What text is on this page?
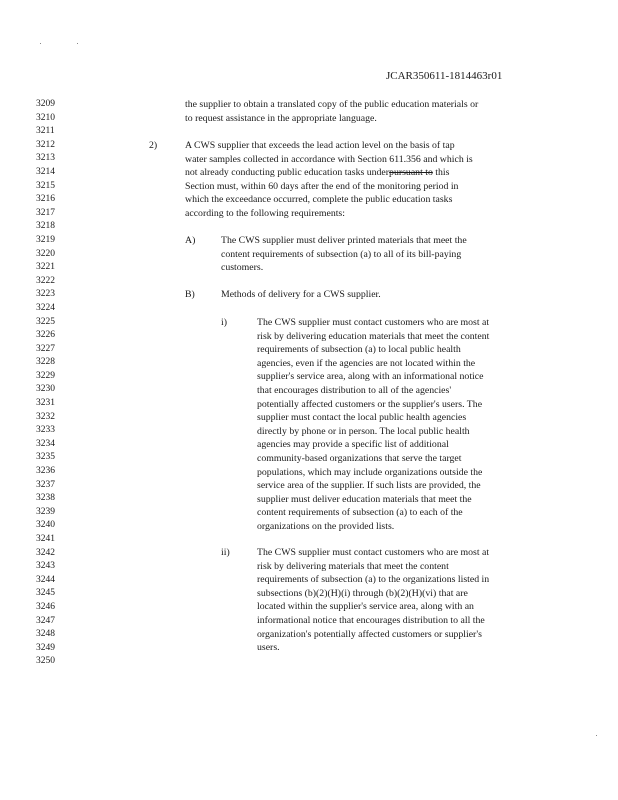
JCAR350611-1814463r01
3209
3210
3211
3212
3213
3214
3215
3216
3217
3218
3219
3220
3221
3222
3223
3224
3225
3226
3227
3228
3229
3230
3231
3232
3233
3234
3235
3236
3237
3238
3239
3240
3241
3242
3243
3244
3245
3246
3247
3248
3249
3250

the supplier to obtain a translated copy of the public education materials or

to request assistance in the appropriate language.

2)	A CWS supplier that exceeds the lead action level on the basis of tap

water samples collected in accordance with Section 611.356 and which is

not already conducting public education tasks underpursuant to this

Section must, within 60 days after the end of the monitoring period in

which the exceedance occurred, complete the public education tasks

according to the following requirements:

A)	The CWS supplier must deliver printed materials that meet the

content requirements of subsection (a) to all of its bill-paying

customers.

B)	Methods of delivery for a CWS supplier.

i)	The CWS supplier must contact customers who are most at

risk by delivering education materials that meet the content

requirements of subsection (a) to local public health

agencies, even if the agencies are not located within the

supplier's service area, along with an informational notice

that encourages distribution to all of the agencies'

potentially affected customers or the supplier's users. The

supplier must contact the local public health agencies

directly by phone or in person. The local public health

agencies may provide a specific list of additional

community-based organizations that serve the target

populations, which may include organizations outside the

service area of the supplier. If such lists are provided, the

supplier must deliver education materials that meet the

content requirements of subsection (a) to each of the

organizations on the provided lists.

ii)	The CWS supplier must contact customers who are most at

risk by delivering materials that meet the content

requirements of subsection (a) to the organizations listed in

subsections (b)(2)(H)(i) through (b)(2)(H)(vi) that are

located within the supplier's service area, along with an

informational notice that encourages distribution to all the

organization's potentially affected customers or supplier's

users.
